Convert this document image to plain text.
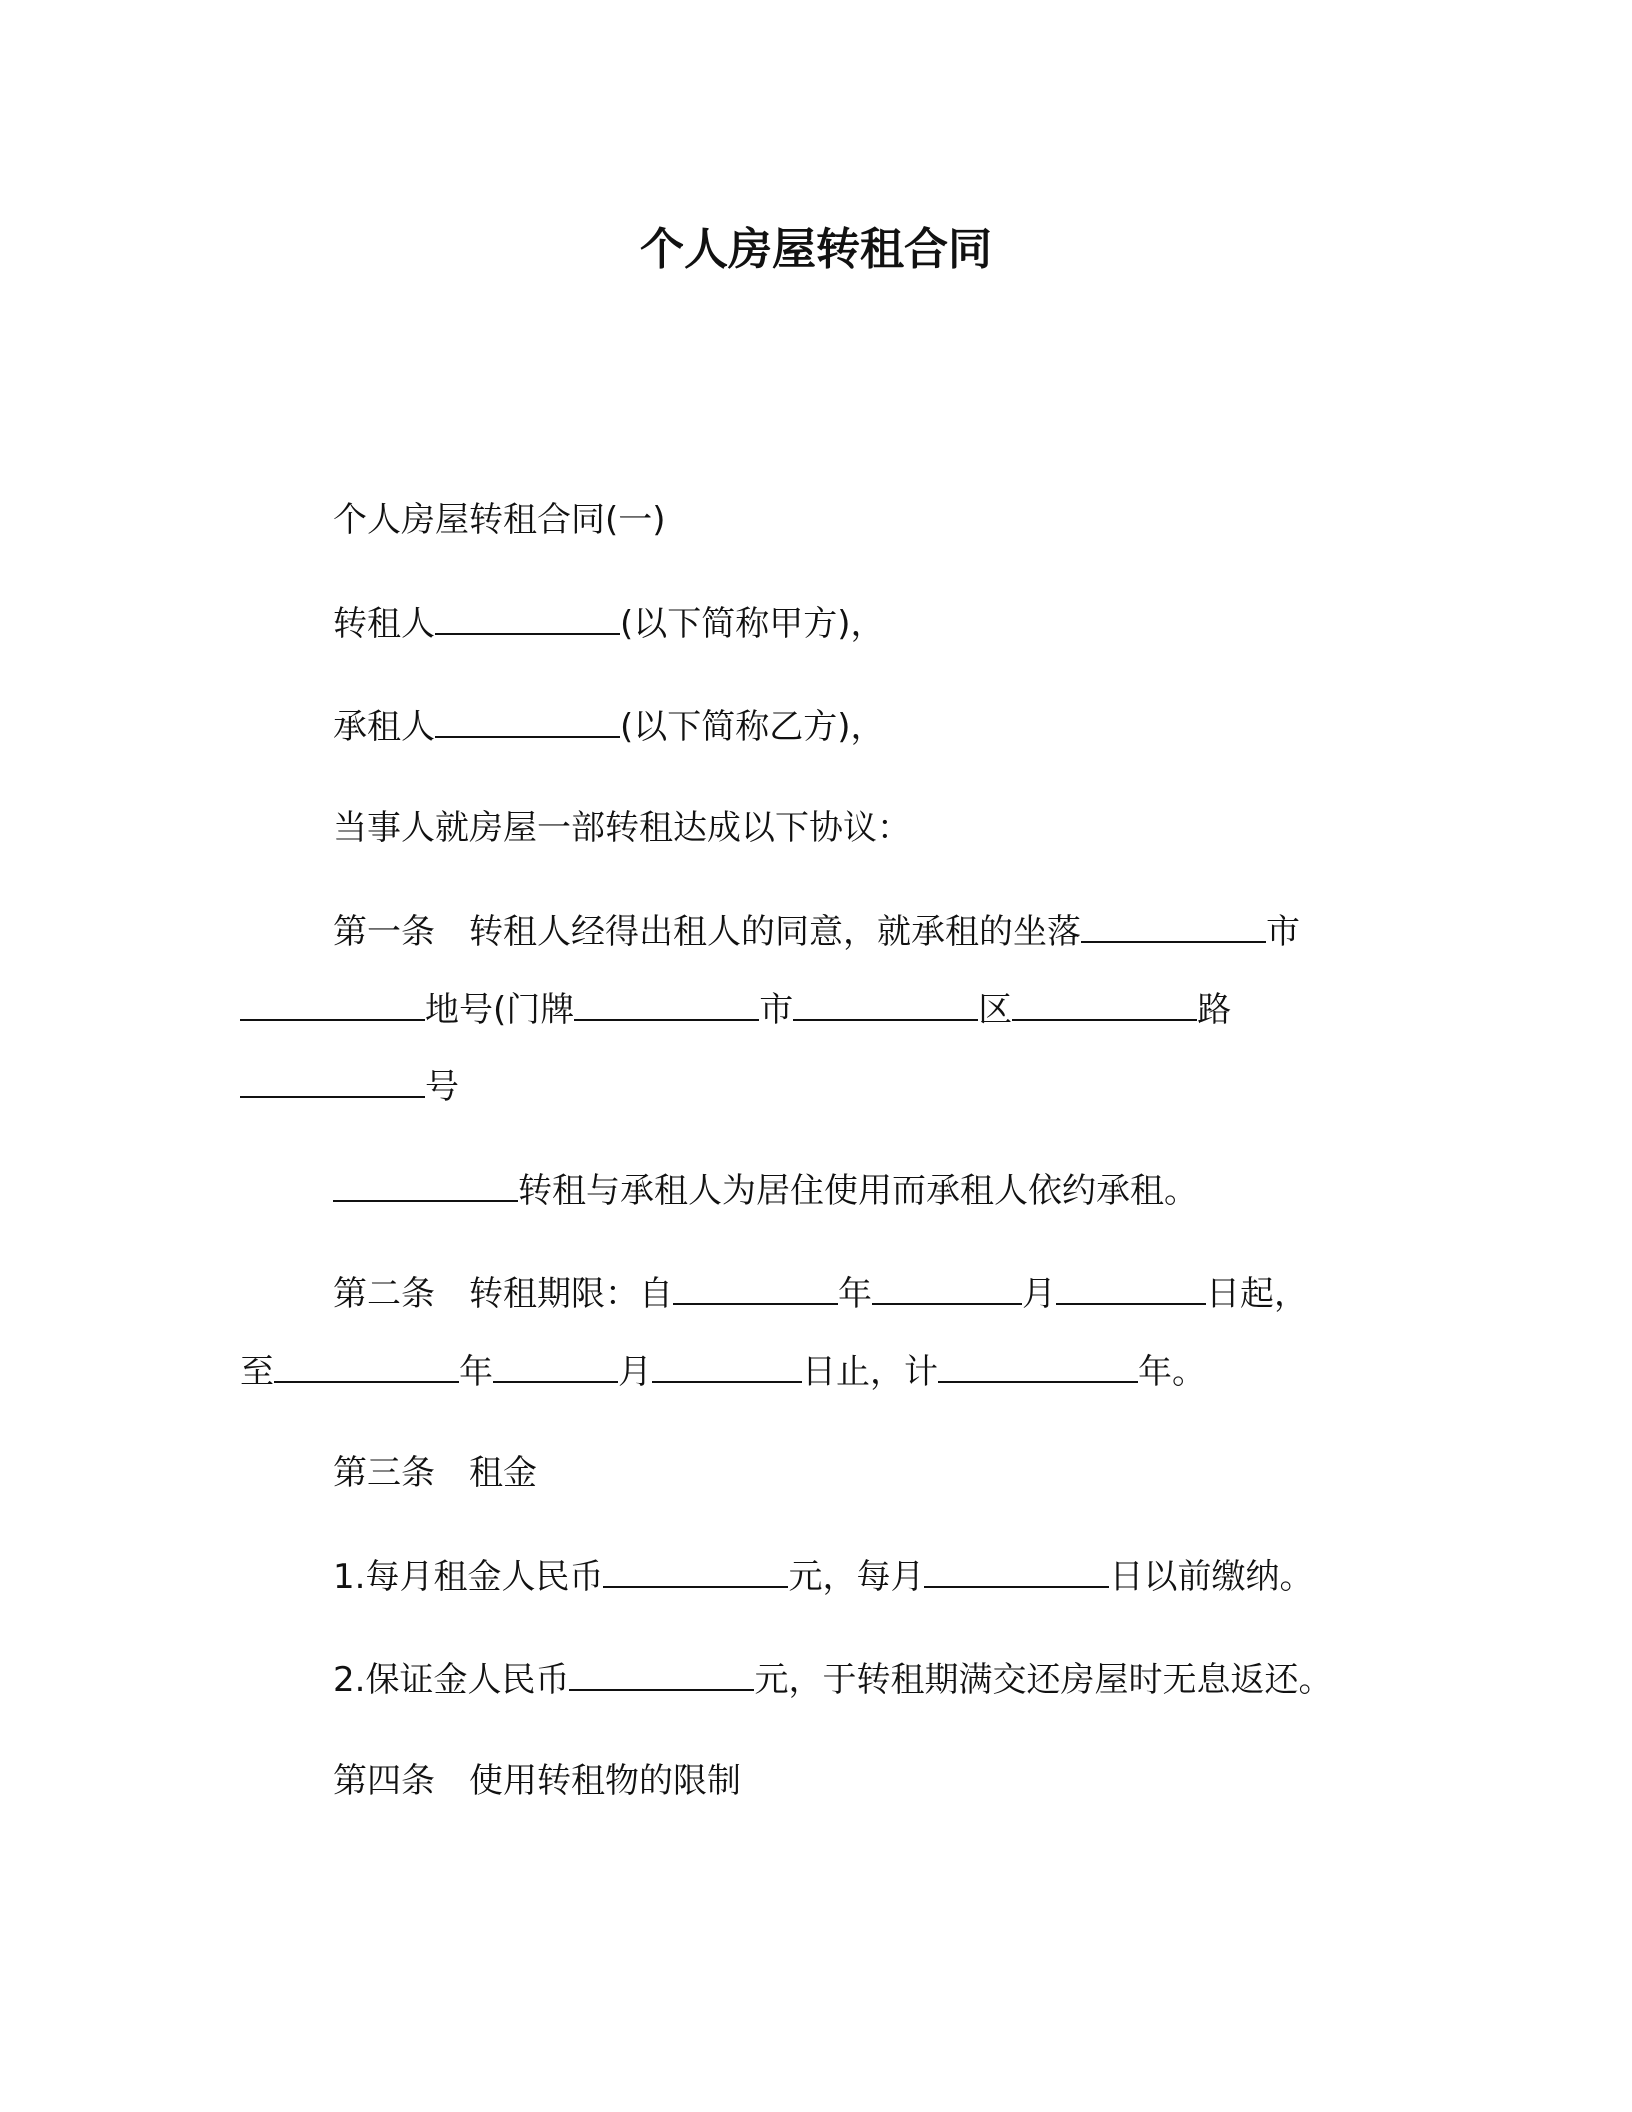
个人房屋转租合同
个人房屋转租合同(一)
转租人	(以下简称甲方)，
承租人	(以下简称乙方)，
当事人就房屋一部转租达成以下协议：
第一条　转租人经得出租人的同意，就承租的坐落	市
地号(门牌	市	区	路
号
转租与承租人为居住使用而承租人依约承租。
第二条　转租期限：自	年	月	日起，
至	年	月	日止，计	年。
第三条　租金
1.每月租金人民币	元，每月	日以前缴纳。
2.保证金人民币	元，于转租期满交还房屋时无息返还。
第四条　使用转租物的限制
